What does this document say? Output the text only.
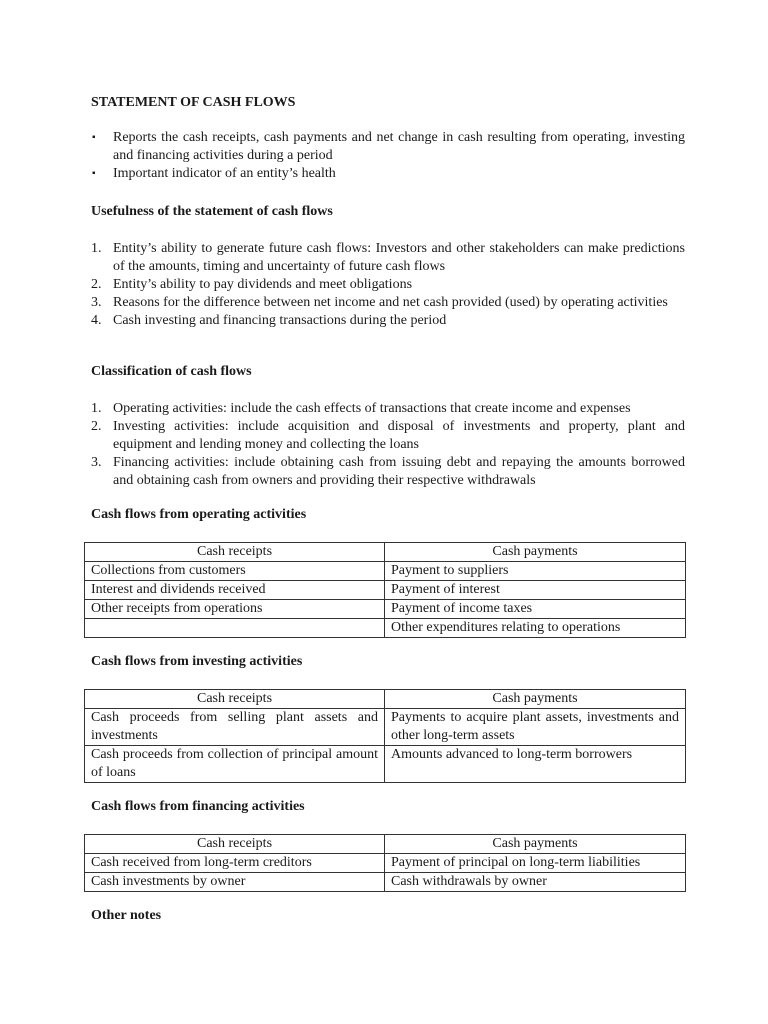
STATEMENT OF CASH FLOWS

▪ Reports the cash receipts, cash payments and net change in cash resulting from operating, investing and financing activities during a period
▪ Important indicator of an entity’s health

Usefulness of the statement of cash flows

1. Entity’s ability to generate future cash flows: Investors and other stakeholders can make predictions of the amounts, timing and uncertainty of future cash flows
2. Entity’s ability to pay dividends and meet obligations
3. Reasons for the difference between net income and net cash provided (used) by operating activities
4. Cash investing and financing transactions during the period

Classification of cash flows

1. Operating activities: include the cash effects of transactions that create income and expenses
2. Investing activities: include acquisition and disposal of investments and property, plant and equipment and lending money and collecting the loans
3. Financing activities: include obtaining cash from issuing debt and repaying the amounts borrowed and obtaining cash from owners and providing their respective withdrawals

Cash flows from operating activities

Cash receipts	Cash payments
Collections from customers	Payment to suppliers
Interest and dividends received	Payment of interest
Other receipts from operations	Payment of income taxes
	Other expenditures relating to operations

Cash flows from investing activities

Cash receipts	Cash payments
Cash proceeds from selling plant assets and investments	Payments to acquire plant assets, investments and other long-term assets
Cash proceeds from collection of principal amount of loans	Amounts advanced to long-term borrowers

Cash flows from financing activities

Cash receipts	Cash payments
Cash received from long-term creditors	Payment of principal on long-term liabilities
Cash investments by owner	Cash withdrawals by owner

Other notes
